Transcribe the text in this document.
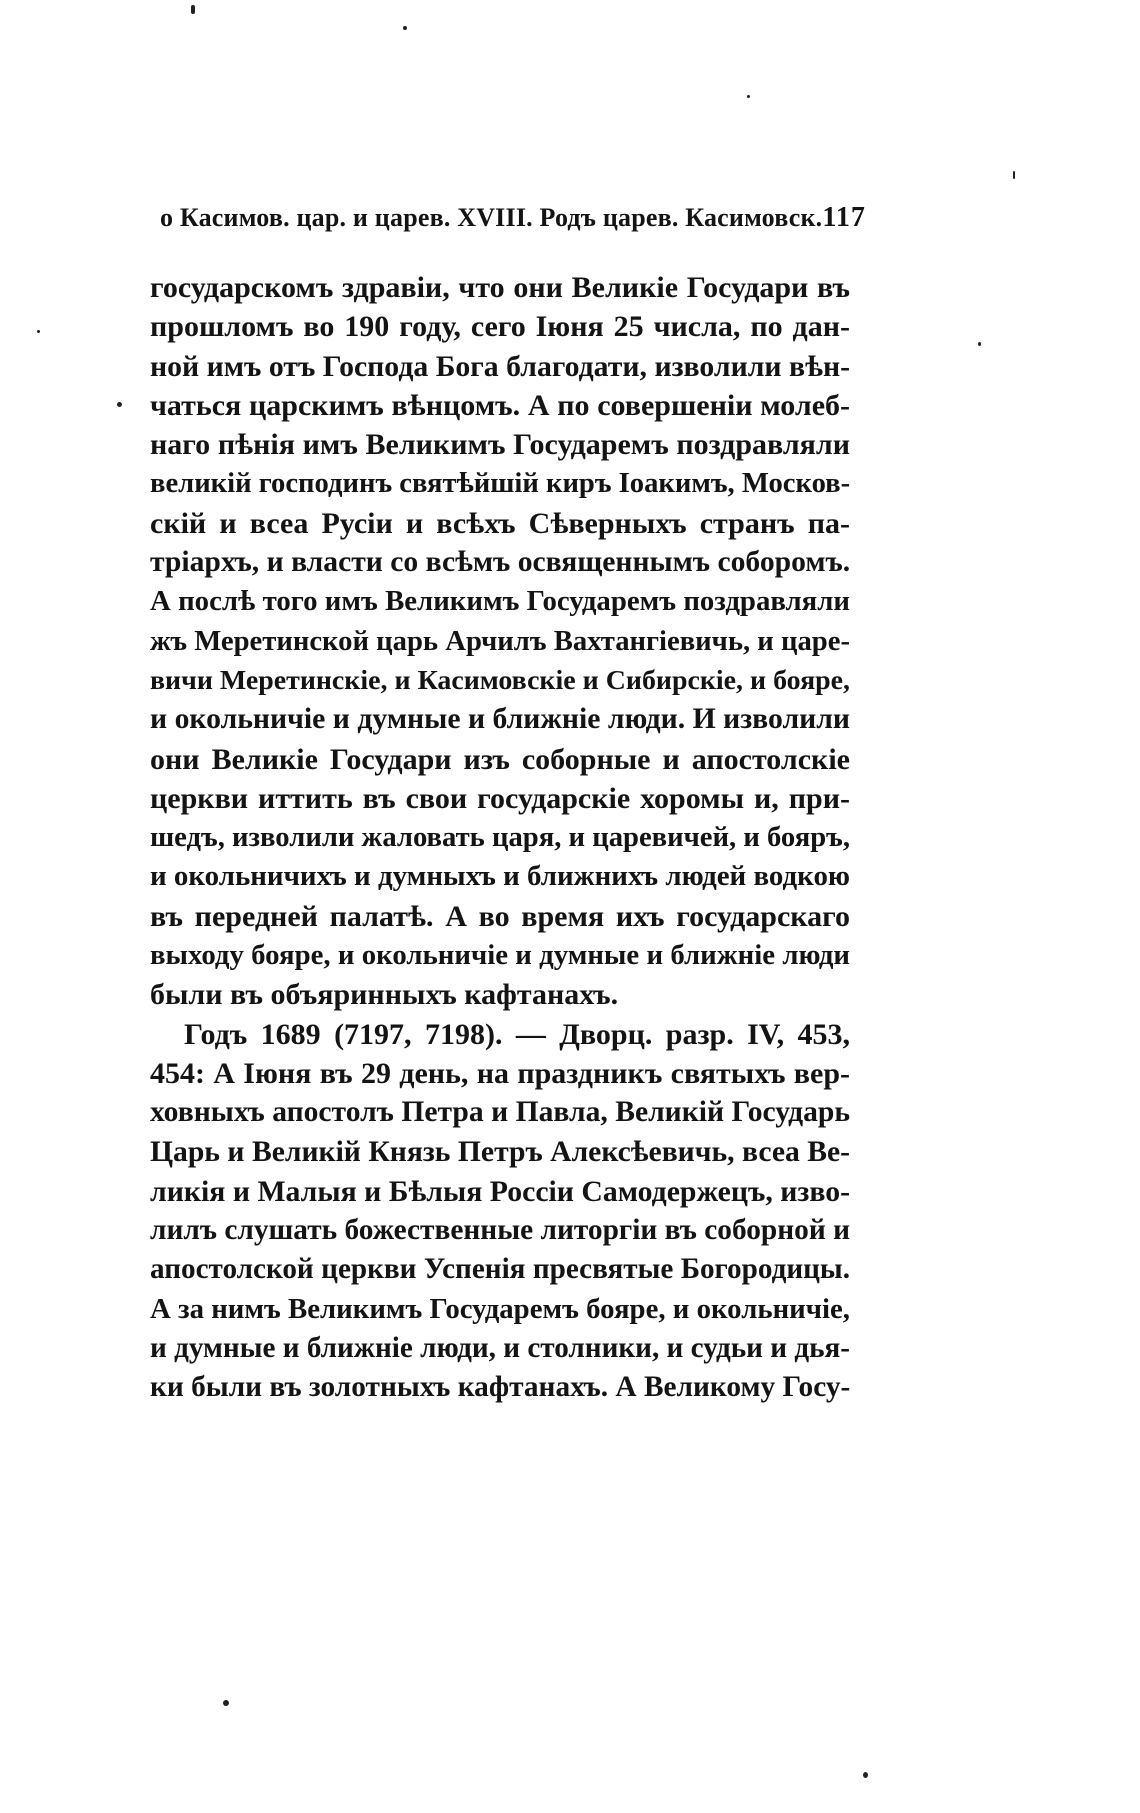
о Касимов. цар. и царев. XVIII. Родъ царев. Касимовск. 117
государскомъ здравіи, что они Великіе Государи въ
прошломъ во 190 году, сего Іюня 25 числа, по дан-
ной имъ отъ Господа Бога благодати, изволили вѣн-
чаться царскимъ вѣнцомъ. А по совершеніи молеб-
наго пѣнія имъ Великимъ Государемъ поздравляли
великій господинъ святѣйшій киръ Іоакимъ, Москов-
скій и всеа Русіи и всѣхъ Сѣверныхъ странъ па-
тріархъ, и власти со всѣмъ освященнымъ соборомъ.
А послѣ того имъ Великимъ Государемъ поздравляли
жъ Меретинской царь Арчилъ Вахтангіевичь, и царе-
вичи Меретинскіе, и Касимовскіе и Сибирскіе, и бояре,
и окольничіе и думные и ближніе люди. И изволили
они Великіе Государи изъ соборные и апостолскіе
церкви иттить въ свои государскіе хоромы и, при-
шедъ, изволили жаловать царя, и царевичей, и бояръ,
и окольничихъ и думныхъ и ближнихъ людей водкою
въ передней палатѣ. А во время ихъ государскаго
выходу бояре, и окольничіе и думные и ближніе люди
были въ объяринныхъ кафтанахъ.
Годъ 1689 (7197, 7198). — Дворц. разр. IV, 453,
454: А Іюня въ 29 день, на праздникъ святыхъ вер-
ховныхъ апостолъ Петра и Павла, Великій Государь
Царь и Великій Князь Петръ Алексѣевичь, всеа Ве-
ликія и Малыя и Бѣлыя Россіи Самодержецъ, изво-
лилъ слушать божественные литоргіи въ соборной и
апостолской церкви Успенія пресвятые Богородицы.
А за нимъ Великимъ Государемъ бояре, и окольничіе,
и думные и ближніе люди, и столники, и судьи и дья-
ки были въ золотныхъ кафтанахъ. А Великому Госу-
